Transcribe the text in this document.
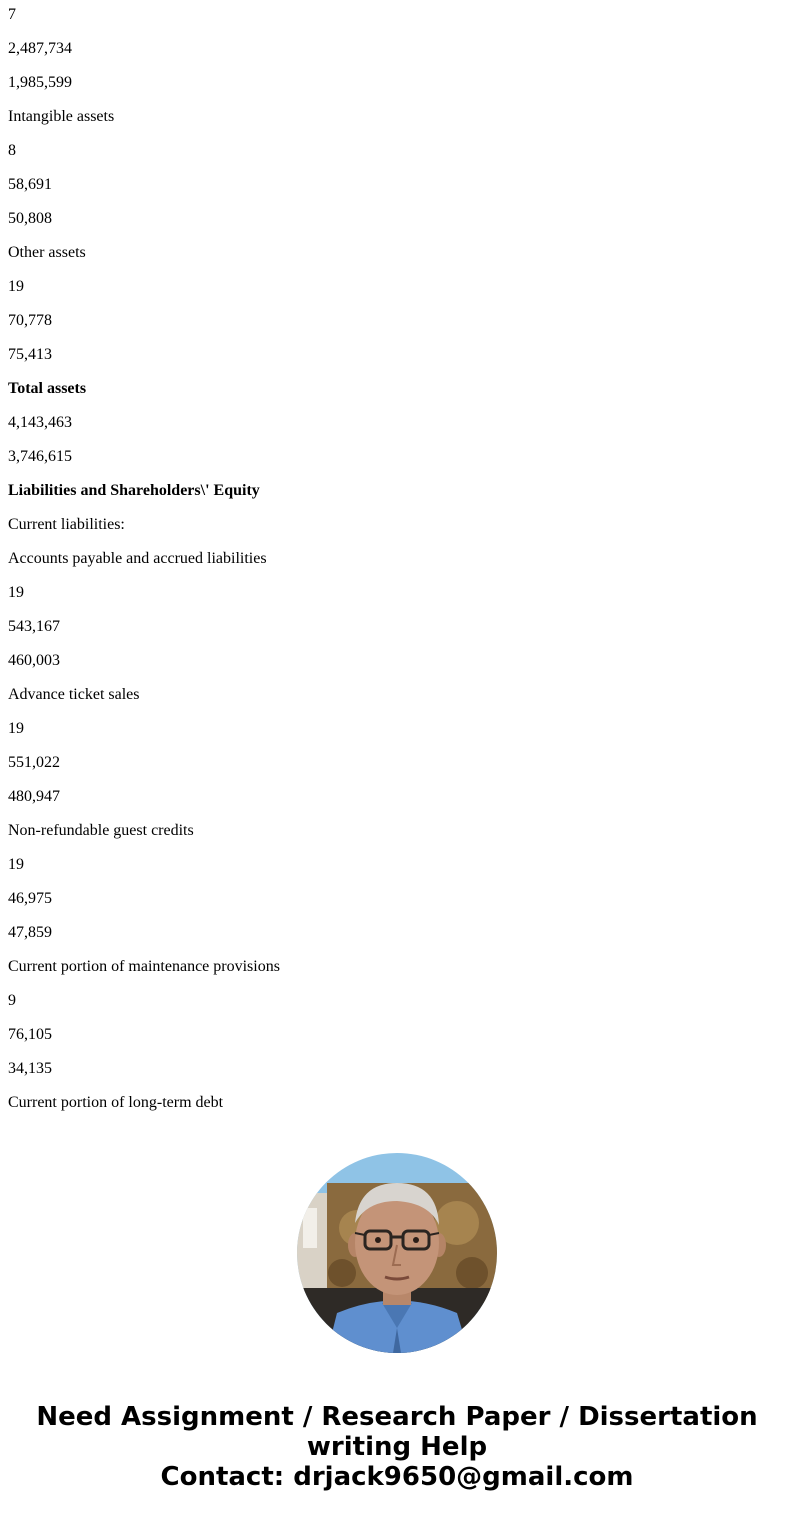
7
2,487,734
1,985,599
Intangible assets
8
58,691
50,808
Other assets
19
70,778
75,413
Total assets
4,143,463
3,746,615
Liabilities and Shareholders\' Equity
Current liabilities:
Accounts payable and accrued liabilities
19
543,167
460,003
Advance ticket sales
19
551,022
480,947
Non-refundable guest credits
19
46,975
47,859
Current portion of maintenance provisions
9
76,105
34,135
Current portion of long-term debt
Need Assignment / Research Paper / Dissertation
writing Help
Contact: drjack9650@gmail.com
